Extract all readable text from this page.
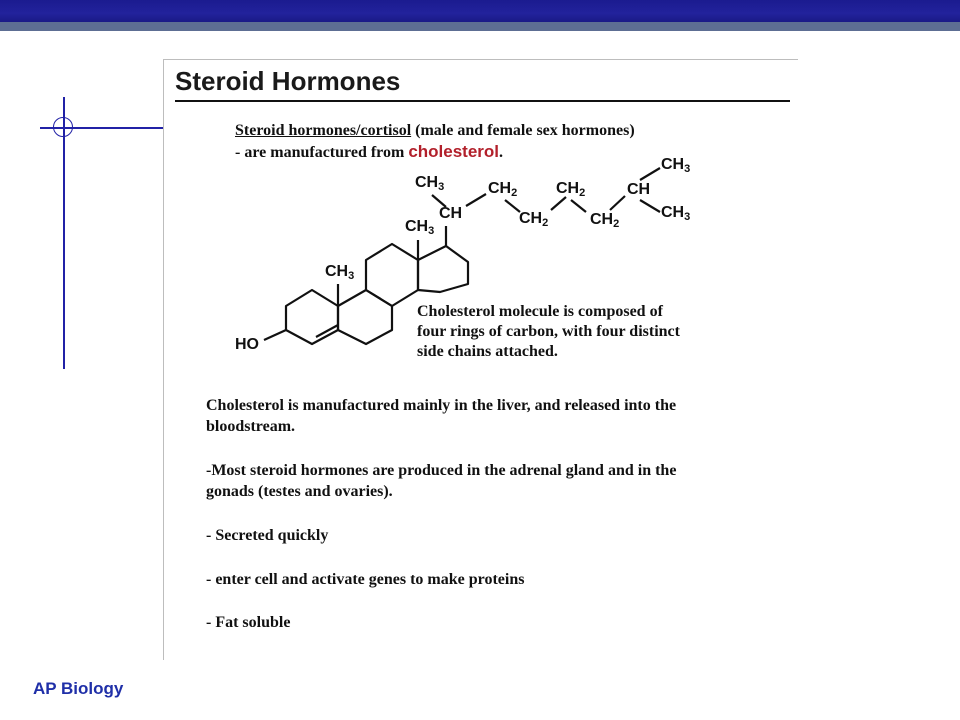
Steroid Hormones
Steroid hormones/cortisol (male and female sex hormones)
- are manufactured from cholesterol.
$CH_3$
CH
$CH_2$
$CH_2$
$CH_2$
$CH_2$
CH
$CH_3$
$CH_3$
$CH_3$
$CH_3$
HO
Cholesterol molecule is composed of
four rings of carbon, with four distinct
side chains attached.
Cholesterol is manufactured mainly in the liver, and released into the
bloodstream.
-Most steroid hormones are produced in the adrenal gland and in the
gonads (testes and ovaries).
- Secreted quickly
- enter cell and activate genes to make proteins
- Fat soluble
AP Biology
